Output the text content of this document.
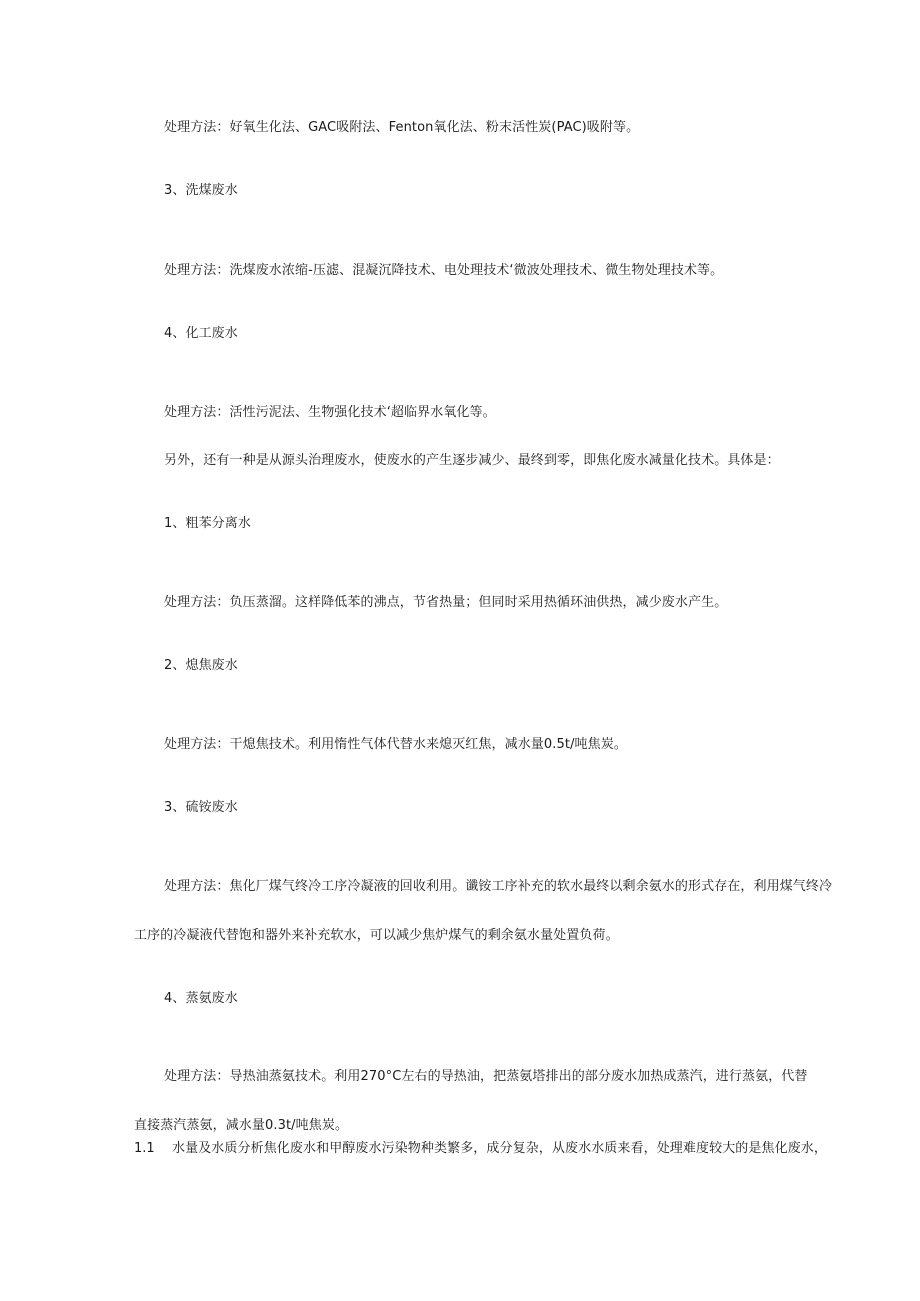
处理方法：好氧生化法、GAC吸附法、Fenton氧化法、粉末活性炭(PAC)吸附等。
3、洗煤废水
处理方法：洗煤废水浓缩-压滤、混凝沉降技术、电处理技术‘微波处理技术、微生物处理技术等。
4、化工废水
处理方法：活性污泥法、生物强化技术‘超临界水氧化等。
另外，还有一种是从源头治理废水，使废水的产生逐步减少、最终到零，即焦化废水减量化技术。具体是：
1、粗苯分离水
处理方法：负压蒸溜。这样降低苯的沸点，节省热量；但同时采用热循环油供热，减少废水产生。
2、熄焦废水
处理方法：干熄焦技术。利用惰性气体代替水来熄灭红焦，减水量0.5t/吨焦炭。
3、硫铵废水
处理方法：焦化厂煤气终冷工序冷凝液的回收利用。谶铵工序补充的软水最终以剩余氨水的形式存在，利用煤气终冷
工序的冷凝液代替饱和器外来补充软水，可以减少焦炉煤气的剩余氨水量处置负荷。
4、蒸氨废水
处理方法：导热油蒸氨技术。利用270°C左右的导热油，把蒸氨塔排出的部分废水加热成蒸汽，进行蒸氨，代替
直接蒸汽蒸氨，减水量0.3t/吨焦炭。
1.1 水量及水质分析焦化废水和甲醇废水污染物种类繁多，成分复杂，从废水水质来看，处理难度较大的是焦化废水，
